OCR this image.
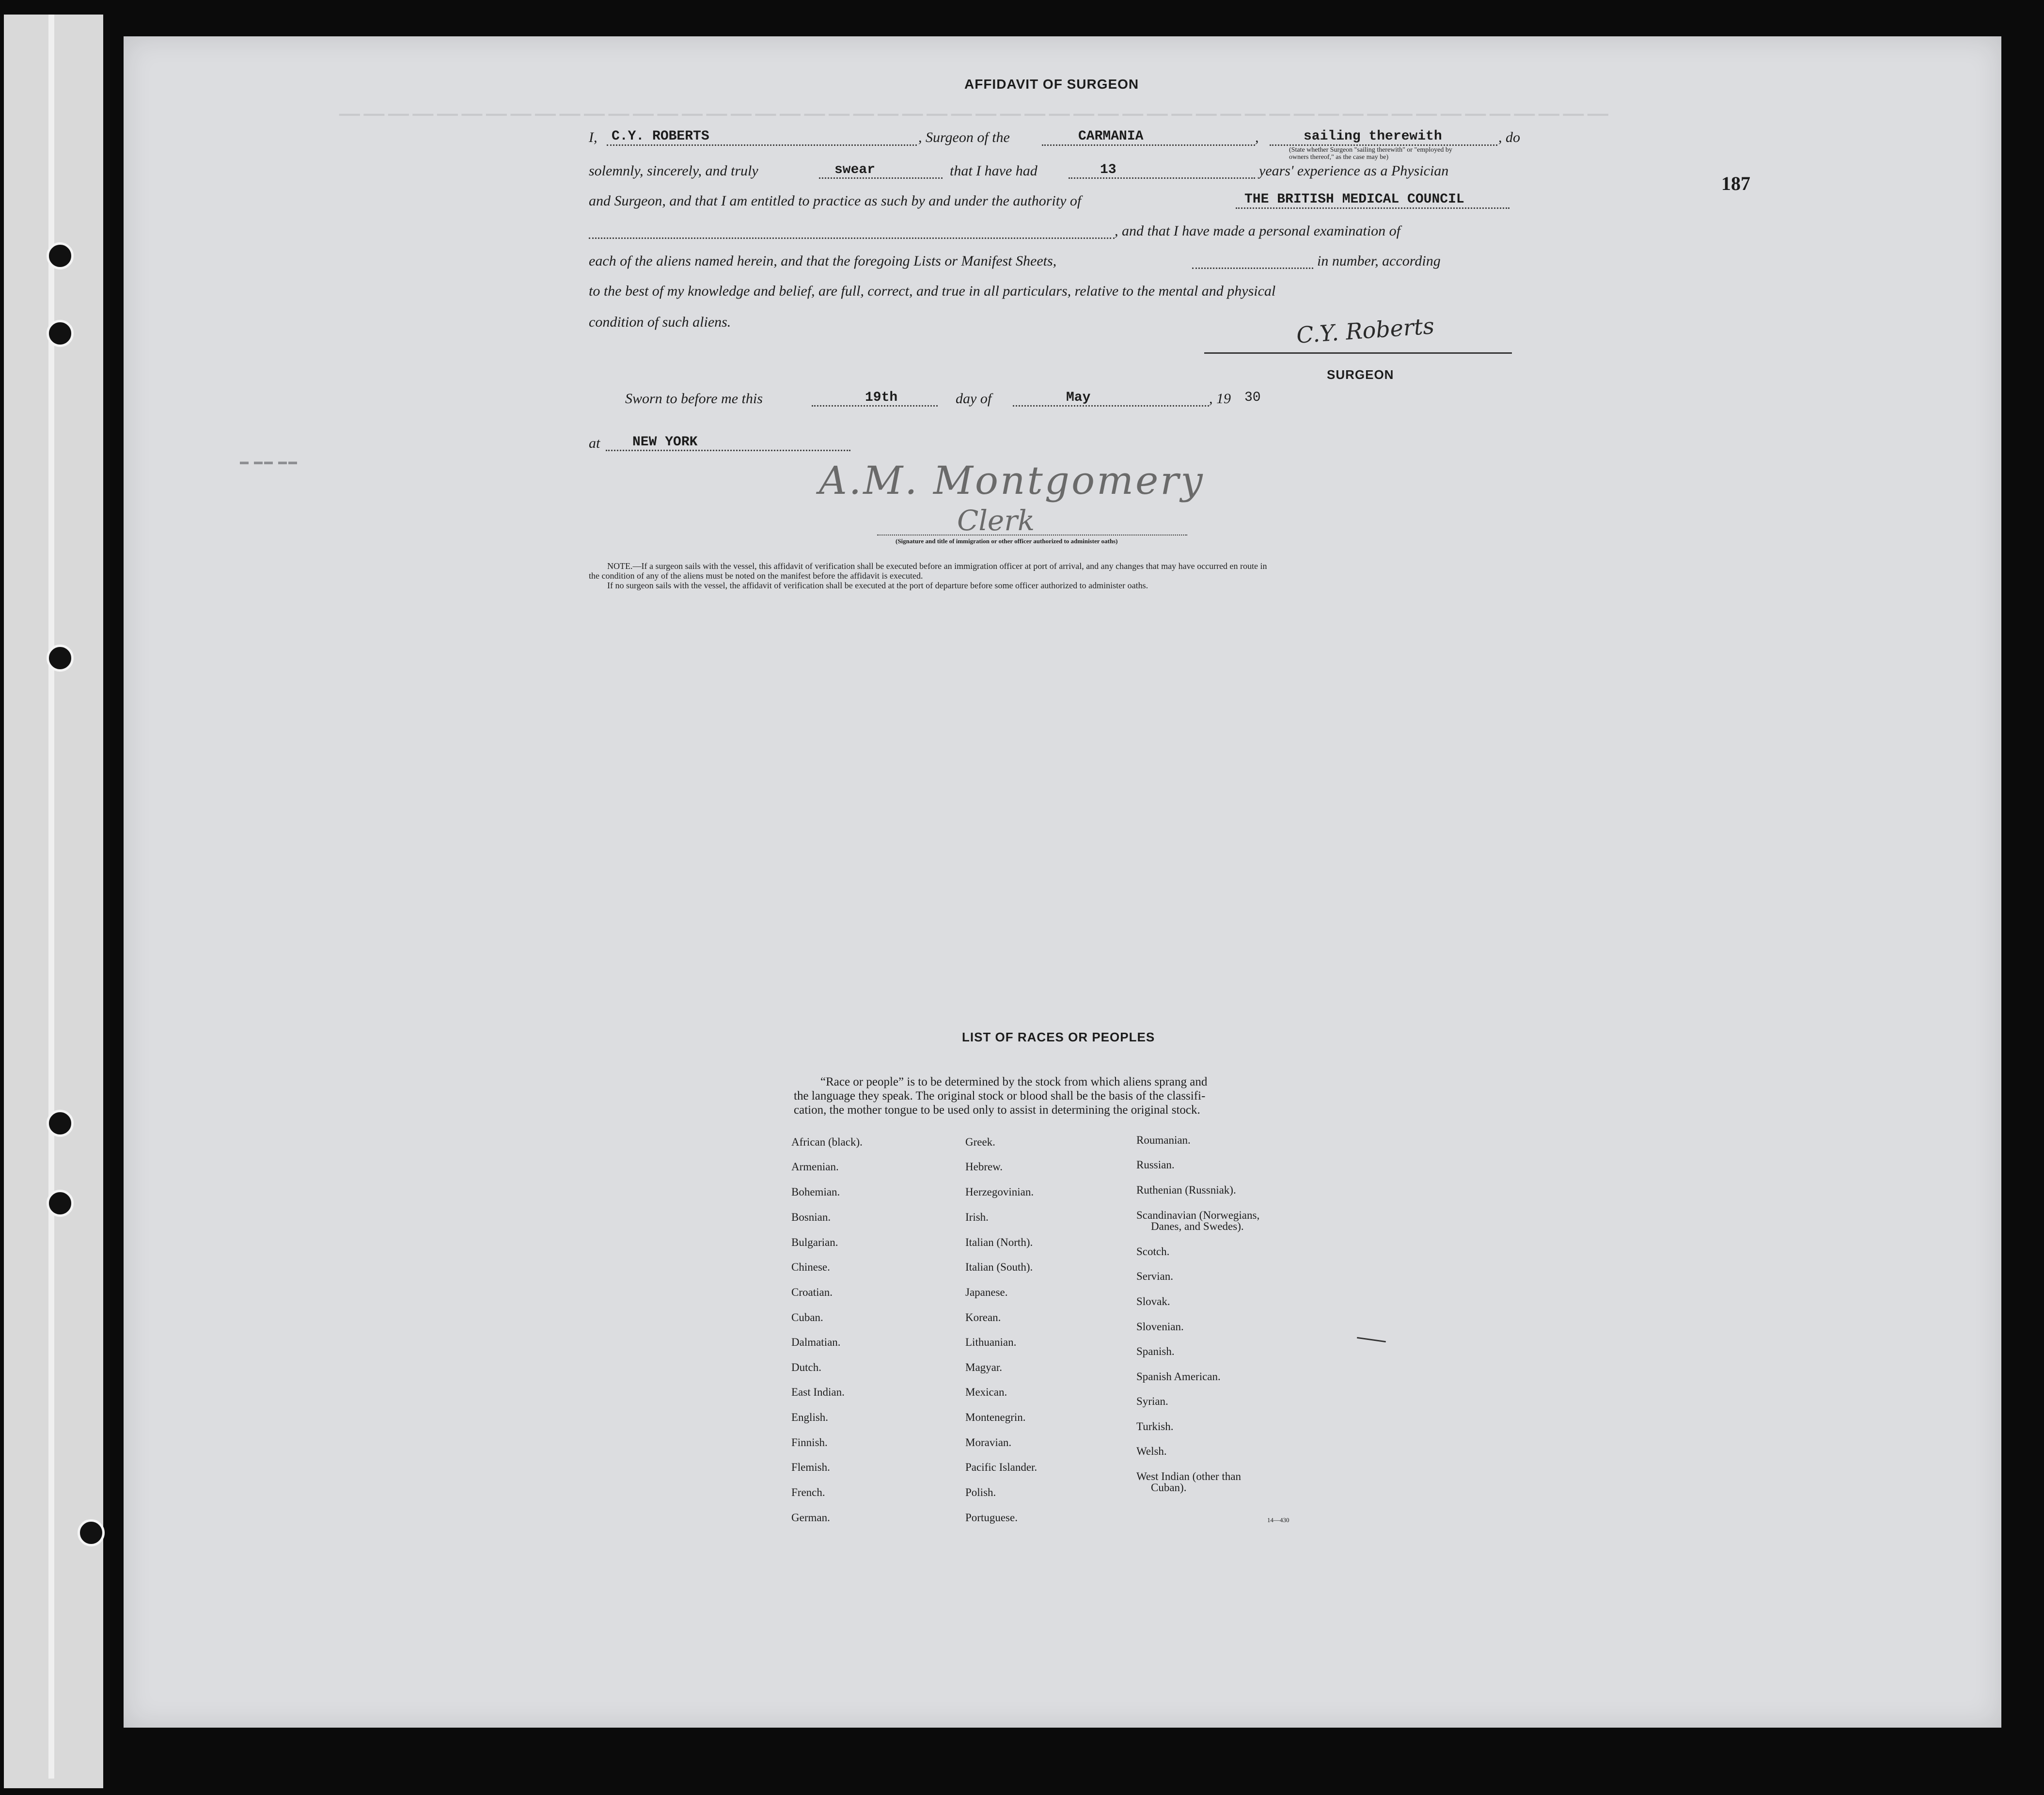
────────────────────────────────────────────────────
187
AFFIDAVIT OF SURGEON
I, C.Y. ROBERTS	, Surgeon of the	CARMANIA	,	sailing therewith	, do
(State whether Surgeon "sailing therewith" or "employed by owners thereof," as the case may be)
solemnly, sincerely, and truly	swear	that I have had	13	years' experience as a Physician
and Surgeon, and that I am entitled to practice as such by and under the authority of	THE BRITISH MEDICAL COUNCIL
, and that I have made a personal examination of
each of the aliens named herein, and that the foregoing Lists or Manifest Sheets,	in number, according
to the best of my knowledge and belief, are full, correct, and true in all particulars, relative to the mental and physical
condition of such aliens.	C.Y. Roberts
SURGEON
Sworn to before me this	19th	day of	May	, 19 30
at NEW YORK
▬ ▬▬ ▬▬	A.M. Montgomery
Clerk
(Signature and title of immigration or other officer authorized to administer oaths)
NOTE.—If a surgeon sails with the vessel, this affidavit of verification shall be executed before an immigration officer at port of arrival, and any changes that may have occurred en route in
the condition of any of the aliens must be noted on the manifest before the affidavit is executed.
If no surgeon sails with the vessel, the affidavit of verification shall be executed at the port of departure before some officer authorized to administer oaths.
LIST OF RACES OR PEOPLES
“Race or people” is to be determined by the stock from which aliens sprang and
the language they speak. The original stock or blood shall be the basis of the classifi-
cation, the mother tongue to be used only to assist in determining the original stock.
African (black).
Armenian.
Bohemian.
Bosnian.
Bulgarian.
Chinese.
Croatian.
Cuban.
Dalmatian.
Dutch.
East Indian.
English.
Finnish.
Flemish.
French.
German.
Greek.
Hebrew.
Herzegovinian.
Irish.
Italian (North).
Italian (South).
Japanese.
Korean.
Lithuanian.
Magyar.
Mexican.
Montenegrin.
Moravian.
Pacific Islander.
Polish.
Portuguese.
Roumanian.
Russian.
Ruthenian (Russniak).
Scandinavian (Norwegians,
Danes, and Swedes).
Scotch.
Servian.
Slovak.
Slovenian.
Spanish.
Spanish American.
Syrian.
Turkish.
Welsh.
West Indian (other than
Cuban).
14—430
